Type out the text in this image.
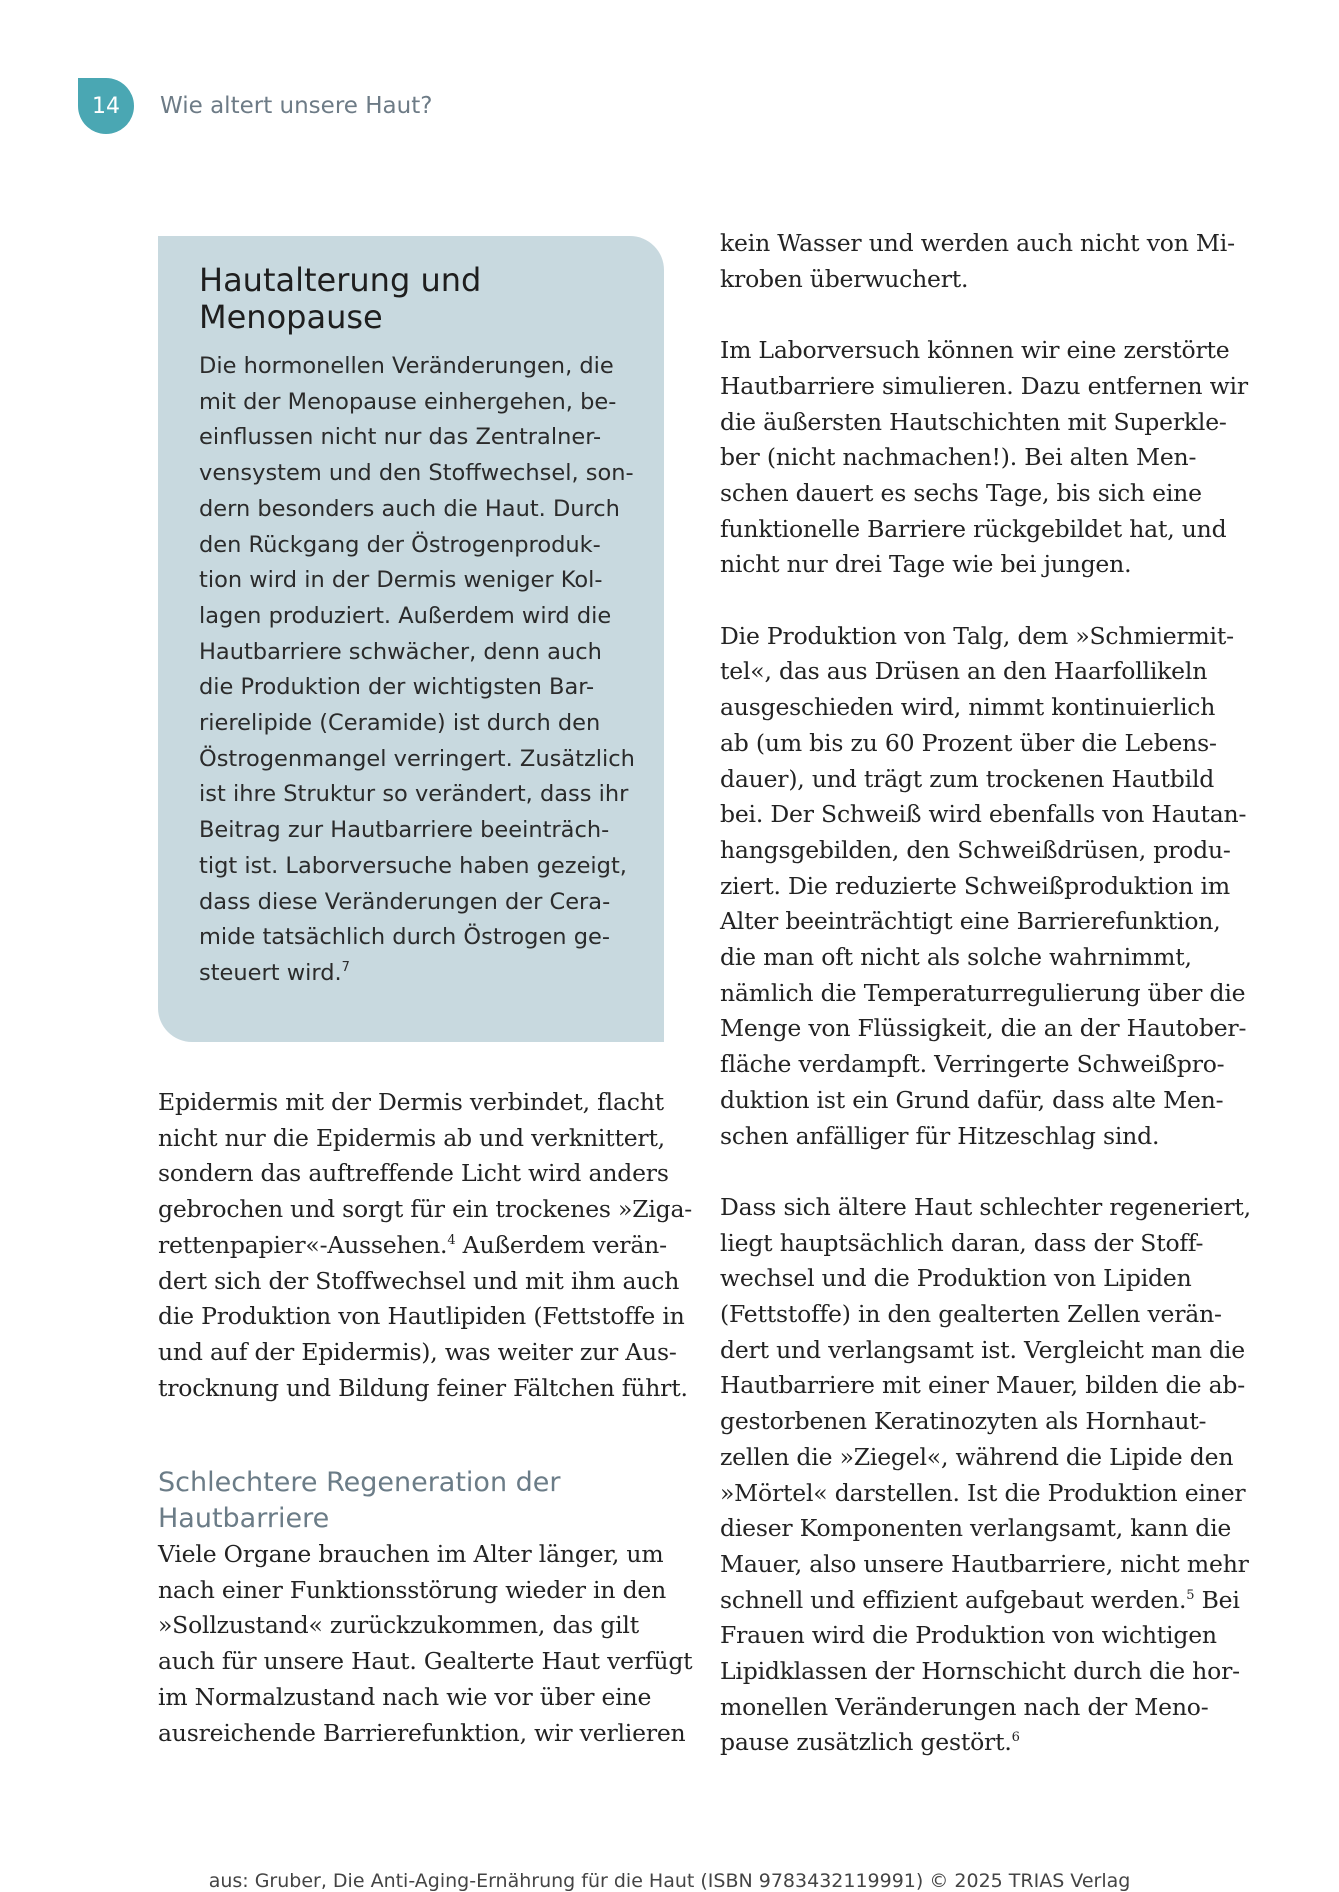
14	Wie altert unsere Haut?
Hautalterung und
Menopause
Die hormonellen Veränderungen, die
mit der Menopause einhergehen, be-
einflussen nicht nur das Zentralner-
vensystem und den Stoffwechsel, son-
dern besonders auch die Haut. Durch
den Rückgang der Östrogenproduk-
tion wird in der Dermis weniger Kol-
lagen produziert. Außerdem wird die
Hautbarriere schwächer, denn auch
die Produktion der wichtigsten Bar-
rierelipide (Ceramide) ist durch den
Östrogenmangel verringert. Zusätzlich
ist ihre Struktur so verändert, dass ihr
Beitrag zur Hautbarriere beeinträch-
tigt ist. Laborversuche haben gezeigt,
dass diese Veränderungen der Cera-
mide tatsächlich durch Östrogen ge-
steuert wird.$^7$
Epidermis mit der Dermis verbindet, flacht
nicht nur die Epidermis ab und verknittert,
sondern das auftreffende Licht wird anders
gebrochen und sorgt für ein trockenes »Ziga-
rettenpapier«-Aussehen.$^4$ Außerdem verän-
dert sich der Stoffwechsel und mit ihm auch
die Produktion von Hautlipiden (Fettstoffe in
und auf der Epidermis), was weiter zur Aus-
trocknung und Bildung feiner Fältchen führt.
Schlechtere Regeneration der
Hautbarriere
Viele Organe brauchen im Alter länger, um
nach einer Funktionsstörung wieder in den
»Sollzustand« zurückzukommen, das gilt
auch für unsere Haut. Gealterte Haut verfügt
im Normalzustand nach wie vor über eine
ausreichende Barrierefunktion, wir verlieren
kein Wasser und werden auch nicht von Mi-
kroben überwuchert.
Im Laborversuch können wir eine zerstörte
Hautbarriere simulieren. Dazu entfernen wir
die äußersten Hautschichten mit Superkle-
ber (nicht nachmachen!). Bei alten Men-
schen dauert es sechs Tage, bis sich eine
funktionelle Barriere rückgebildet hat, und
nicht nur drei Tage wie bei jungen.
Die Produktion von Talg, dem »Schmiermit-
tel«, das aus Drüsen an den Haarfollikeln
ausgeschieden wird, nimmt kontinuierlich
ab (um bis zu 60 Prozent über die Lebens-
dauer), und trägt zum trockenen Hautbild
bei. Der Schweiß wird ebenfalls von Hautan-
hangsgebilden, den Schweißdrüsen, produ-
ziert. Die reduzierte Schweißproduktion im
Alter beeinträchtigt eine Barrierefunktion,
die man oft nicht als solche wahrnimmt,
nämlich die Temperaturregulierung über die
Menge von Flüssigkeit, die an der Hautober-
fläche verdampft. Verringerte Schweißpro-
duktion ist ein Grund dafür, dass alte Men-
schen anfälliger für Hitzeschlag sind.
Dass sich ältere Haut schlechter regeneriert,
liegt hauptsächlich daran, dass der Stoff-
wechsel und die Produktion von Lipiden
(Fettstoffe) in den gealterten Zellen verän-
dert und verlangsamt ist. Vergleicht man die
Hautbarriere mit einer Mauer, bilden die ab-
gestorbenen Keratinozyten als Hornhaut-
zellen die »Ziegel«, während die Lipide den
»Mörtel« darstellen. Ist die Produktion einer
dieser Komponenten verlangsamt, kann die
Mauer, also unsere Hautbarriere, nicht mehr
schnell und effizient aufgebaut werden.$^5$ Bei
Frauen wird die Produktion von wichtigen
Lipidklassen der Hornschicht durch die hor-
monellen Veränderungen nach der Meno-
pause zusätzlich gestört.$^6$
aus: Gruber, Die Anti-Aging-Ernährung für die Haut (ISBN 9783432119991) © 2025 TRIAS Verlag
